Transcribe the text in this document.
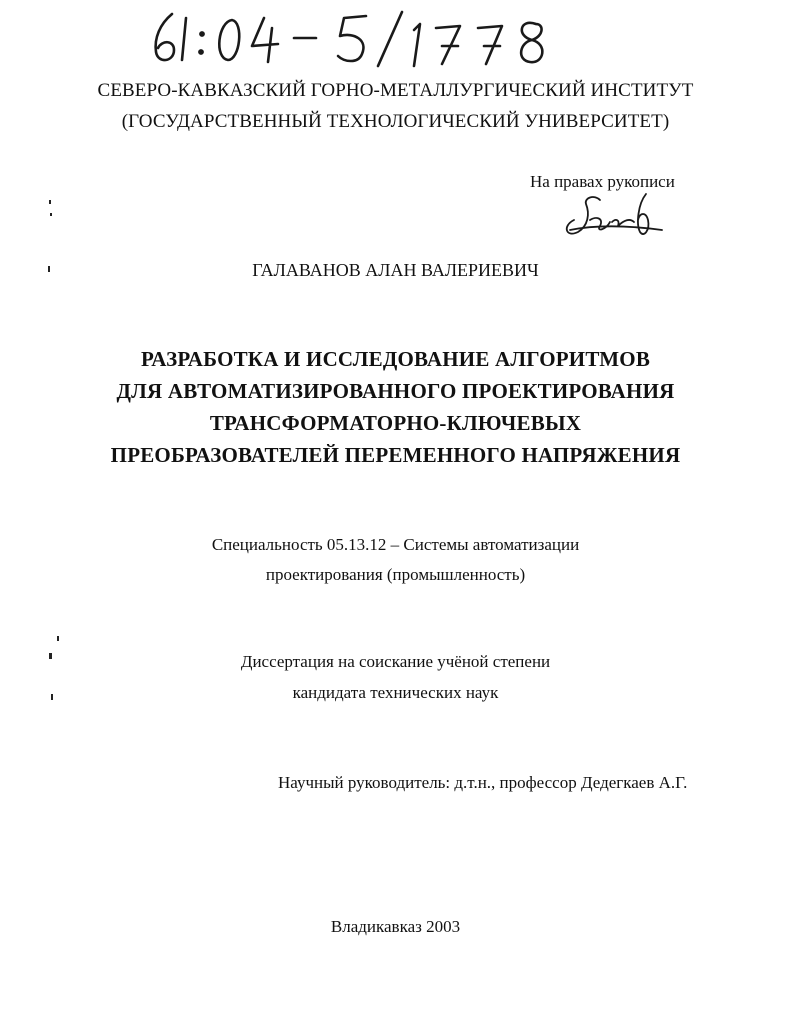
СЕВЕРО-КАВКАЗСКИЙ ГОРНО-МЕТАЛЛУРГИЧЕСКИЙ ИНСТИТУТ
(ГОСУДАРСТВЕННЫЙ ТЕХНОЛОГИЧЕСКИЙ УНИВЕРСИТЕТ)
На правах рукописи
ГАЛАВАНОВ АЛАН ВАЛЕРИЕВИЧ
РАЗРАБОТКА И ИССЛЕДОВАНИЕ АЛГОРИТМОВ
ДЛЯ АВТОМАТИЗИРОВАННОГО ПРОЕКТИРОВАНИЯ
ТРАНСФОРМАТОРНО-КЛЮЧЕВЫХ
ПРЕОБРАЗОВАТЕЛЕЙ ПЕРЕМЕННОГО НАПРЯЖЕНИЯ
Специальность 05.13.12 – Системы автоматизации
проектирования (промышленность)
Диссертация на соискание учёной степени
кандидата технических наук
Научный руководитель: д.т.н., профессор Дедегкаев А.Г.
Владикавказ 2003
